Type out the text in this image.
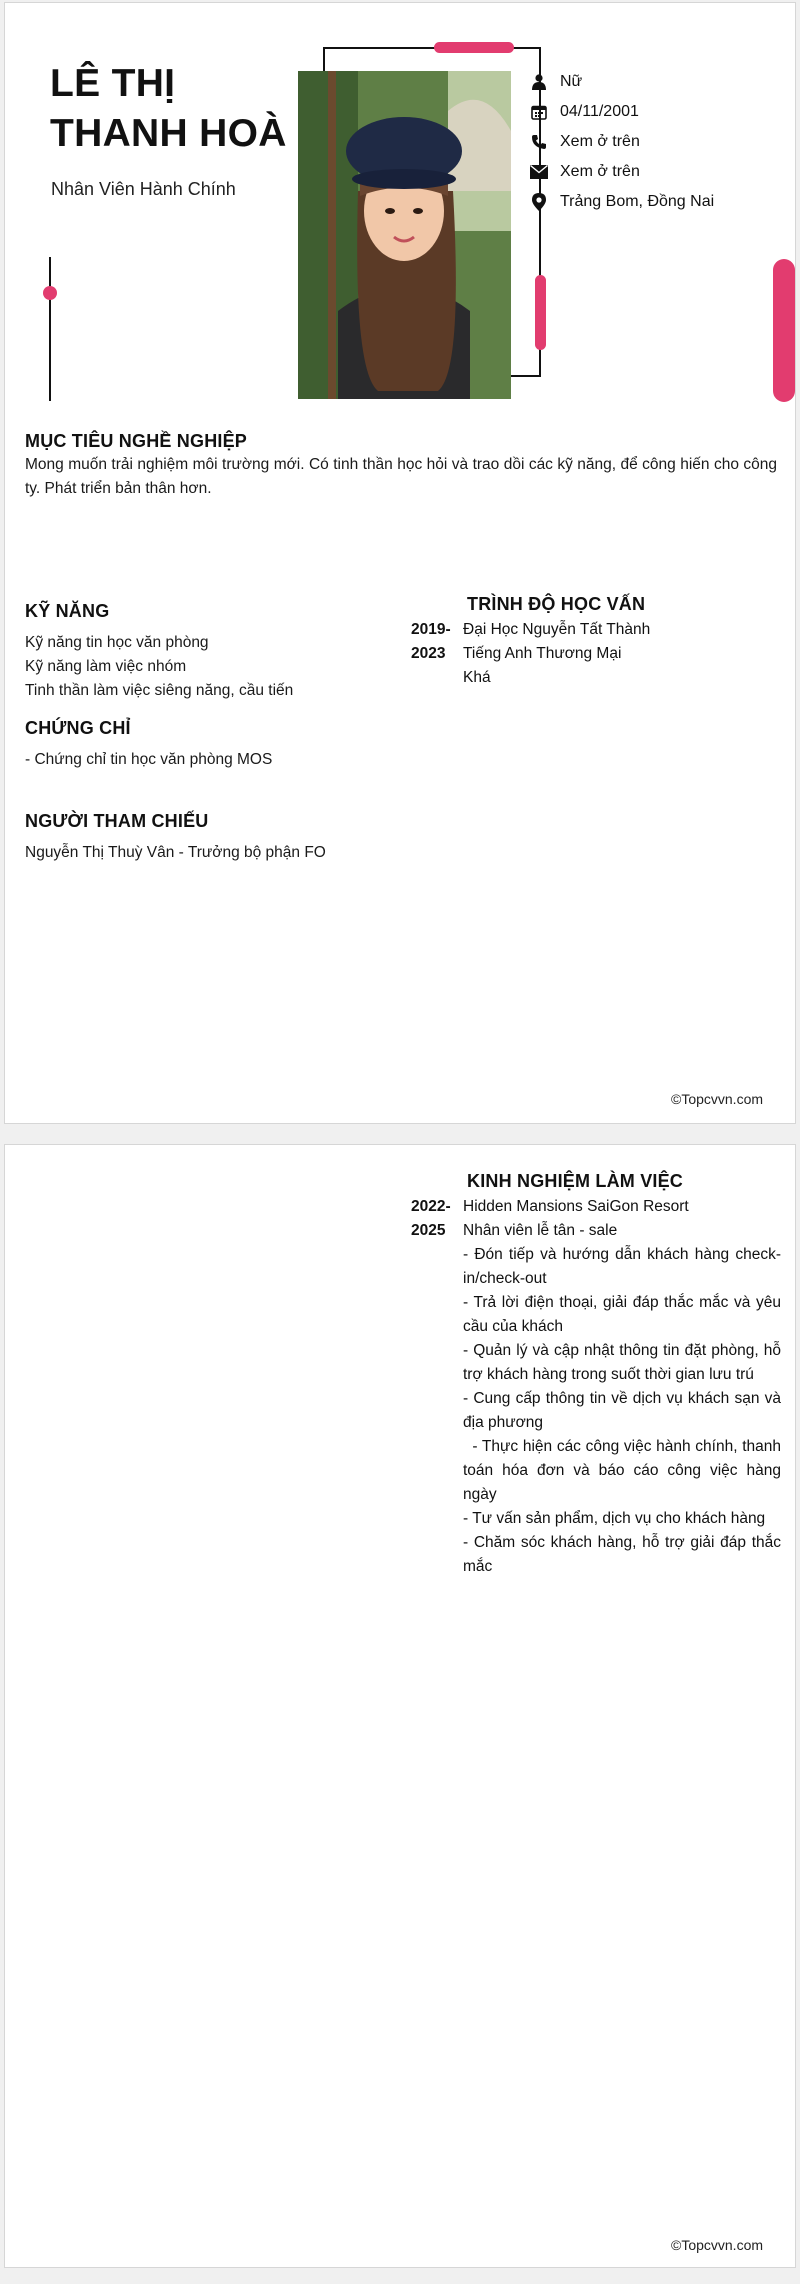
LÊ THỊ
THANH HOÀ
Nhân Viên Hành Chính
Nữ
04/11/2001
Xem ở trên
Xem ở trên
Trảng Bom, Đồng Nai
MỤC TIÊU NGHỀ NGHIỆP
Mong muốn trải nghiệm môi trường mới. Có tinh thần học hỏi và trao dồi các kỹ năng, để công hiến cho công ty. Phát triển bản thân hơn.
KỸ NĂNG
Kỹ năng tin học văn phòng
Kỹ năng làm việc nhóm
Tinh thần làm việc siêng năng, cầu tiến
CHỨNG CHỈ
- Chứng chỉ tin học văn phòng MOS
NGƯỜI THAM CHIẾU
Nguyễn Thị Thuỳ Vân - Trưởng bộ phận FO
TRÌNH ĐỘ HỌC VẤN
2019-
2023
Đại Học Nguyễn Tất Thành
Tiếng Anh Thương Mại
Khá
©Topcvvn.com
KINH NGHIỆM LÀM VIỆC
2022-
2025
Hidden Mansions SaiGon Resort
Nhân viên lễ tân - sale
- Đón tiếp và hướng dẫn khách hàng check-in/check-out
- Trả lời điện thoại, giải đáp thắc mắc và yêu cầu của khách
- Quản lý và cập nhật thông tin đặt phòng, hỗ trợ khách hàng trong suốt thời gian lưu trú
- Cung cấp thông tin về dịch vụ khách sạn và địa phương
- Thực hiện các công việc hành chính, thanh toán hóa đơn và báo cáo công việc hàng ngày
- Tư vấn sản phẩm, dịch vụ cho khách hàng
- Chăm sóc khách hàng, hỗ trợ giải đáp thắc mắc
©Topcvvn.com
